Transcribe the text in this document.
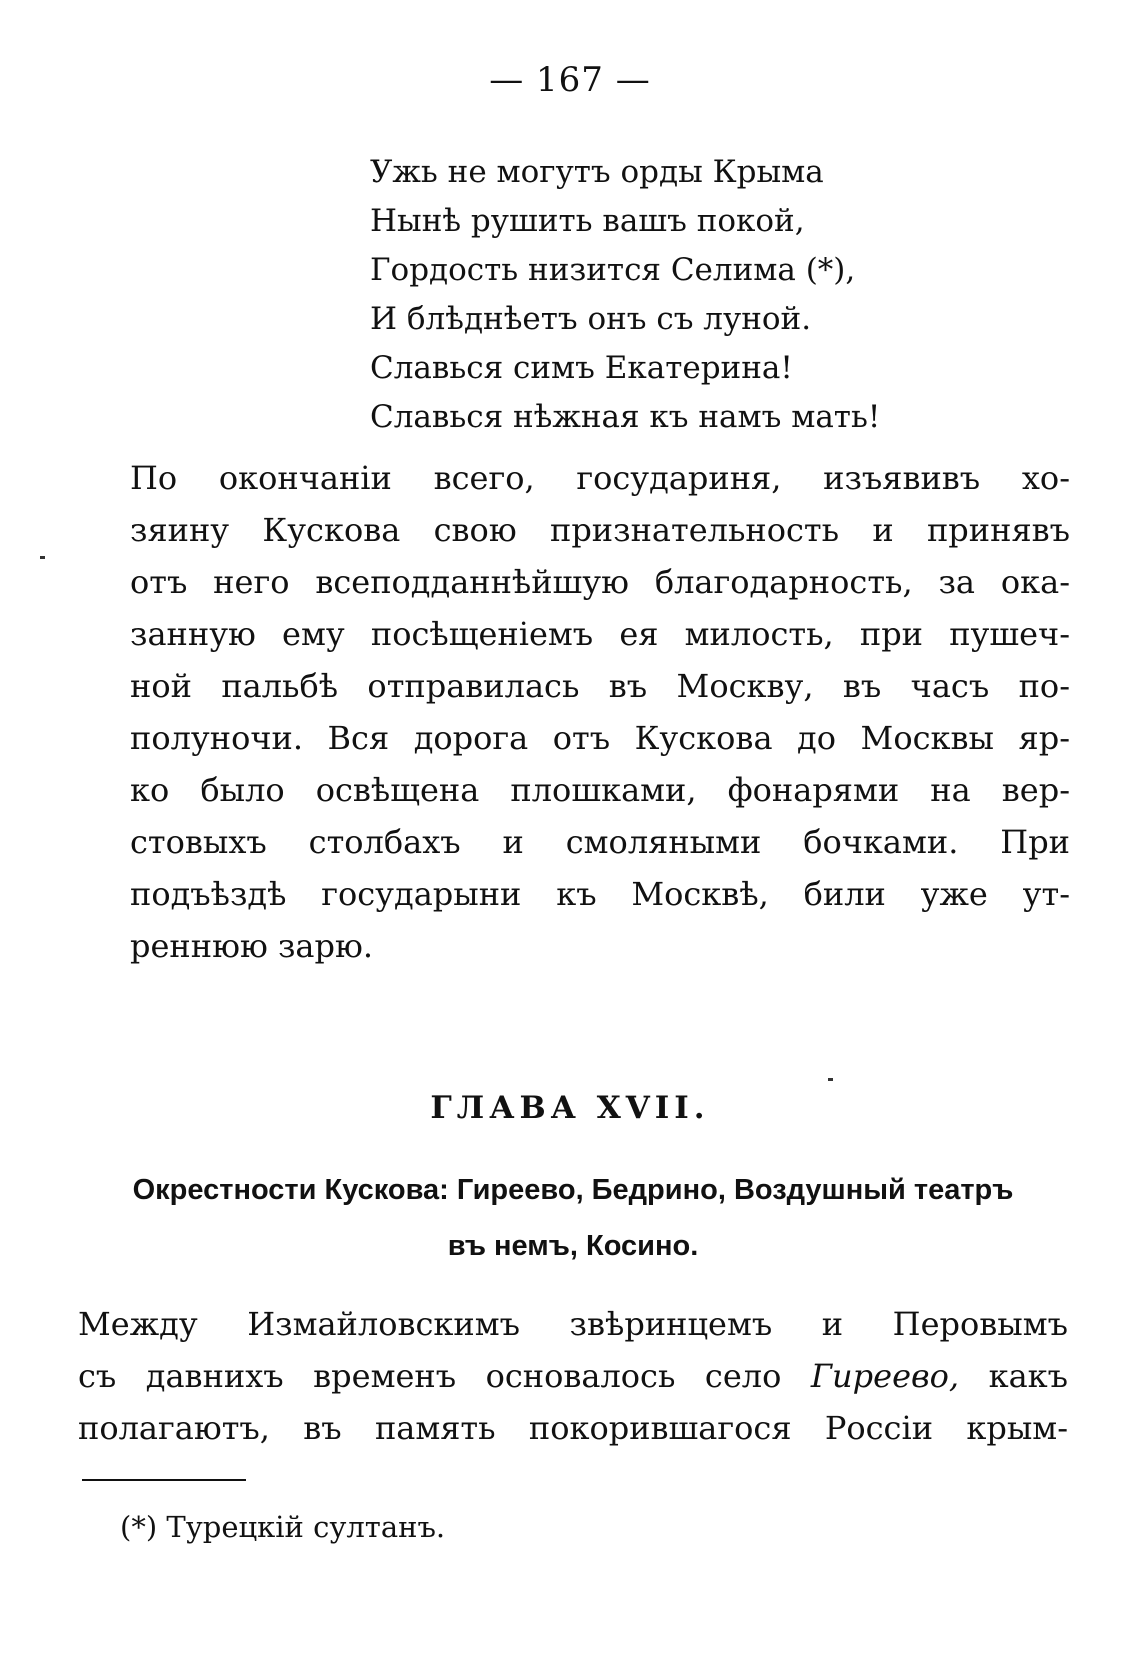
— 167 —
Ужь не могутъ орды Крыма
Нынѣ рушить вашъ покой,
Гордость низится Селима (*),
И блѣднѣетъ онъ съ луной.
Славься симъ Екатерина!
Славься нѣжная къ намъ мать!
По окончаніи всего, государиня, изъявивъ хо-
зяину Кускова свою признательность и принявъ
отъ него всеподданнѣйшую благодарность, за ока-
занную ему посѣщеніемъ ея милость, при пушеч-
ной пальбѣ отправилась въ Москву, въ часъ по-
полуночи. Вся дорога отъ Кускова до Москвы яр-
ко было освѣщена плошками, фонарями на вер-
стовыхъ столбахъ и смоляными бочками. При
подъѣздѣ государыни къ Москвѣ, били уже ут-
реннюю зарю.
ГЛАВА XVII.
Окрестности Кускова: Гиреево, Бедрино, Воздушный театръ
въ немъ, Косино.
Между Измайловскимъ звѣринцемъ и Перовымъ
съ давнихъ временъ основалось село Гиреево, какъ
полагаютъ, въ память покорившагося Россіи крым-
(*) Турецкій султанъ.
